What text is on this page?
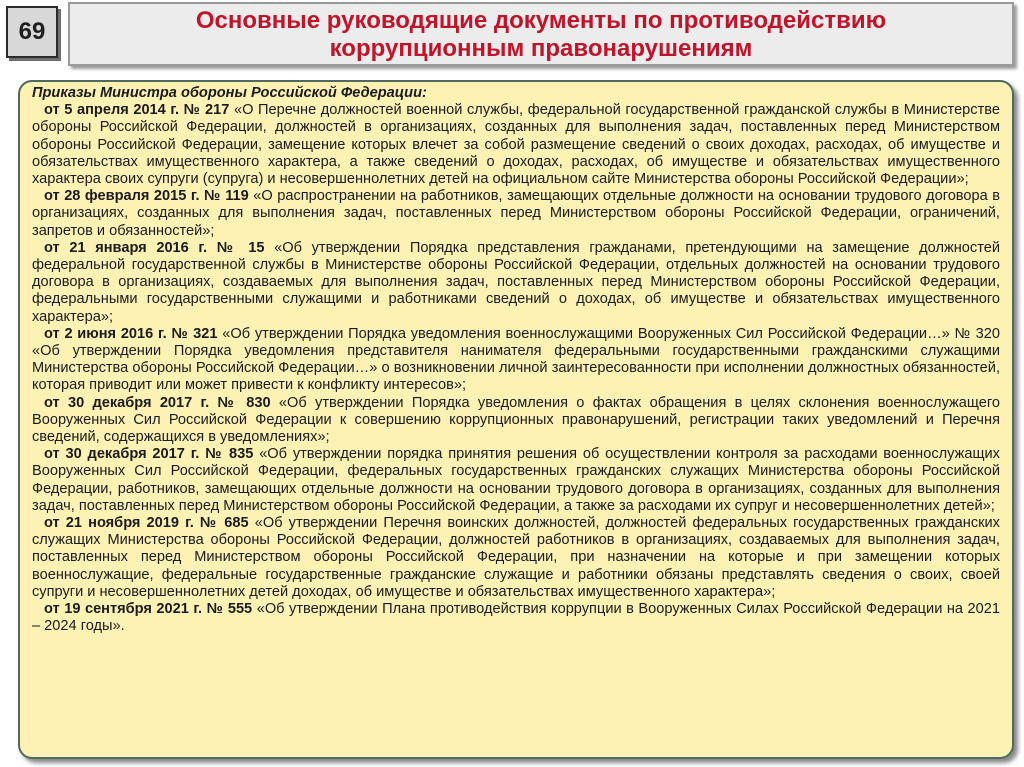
69	Основные руководящие документы по противодействию
коррупционным правонарушениям
Приказы Министра обороны Российской Федерации:

от 5 апреля 2014 г. № 217 «О Перечне должностей военной службы, федеральной государственной гражданской службы в Министерстве обороны Российской Федерации, должностей в организациях, созданных для выполнения задач, поставленных перед Министерством обороны Российской Федерации, замещение которых влечет за собой размещение сведений о своих доходах, расходах, об имуществе и обязательствах имущественного характера, а также сведений о доходах, расходах, об имуществе и обязательствах имущественного характера своих супруги (супруга) и несовершеннолетних детей на официальном сайте Министерства обороны Российской Федерации»;

от 28 февраля 2015 г. № 119 «О распространении на работников, замещающих отдельные должности на основании трудового договора в организациях, созданных для выполнения задач, поставленных перед Министерством обороны Российской Федерации, ограничений, запретов и обязанностей»;

от 21 января 2016 г. № 15 «Об утверждении Порядка представления гражданами, претендующими на замещение должностей федеральной государственной службы в Министерстве обороны Российской Федерации, отдельных должностей на основании трудового договора в организациях, создаваемых для выполнения задач, поставленных перед Министерством обороны Российской Федерации, федеральными государственными служащими и работниками сведений о доходах, об имуществе и обязательствах имущественного характера»;

от 2 июня 2016 г. № 321 «Об утверждении Порядка уведомления военнослужащими Вооруженных Сил Российской Федерации…» № 320 «Об утверждении Порядка уведомления представителя нанимателя федеральными государственными гражданскими служащими Министерства обороны Российской Федерации…» о возникновении личной заинтересованности при исполнении должностных обязанностей, которая приводит или может привести к конфликту интересов»;

от 30 декабря 2017 г. № 830 «Об утверждении Порядка уведомления о фактах обращения в целях склонения военнослужащего Вооруженных Сил Российской Федерации к совершению коррупционных правонарушений, регистрации таких уведомлений и Перечня сведений, содержащихся в уведомлениях»;

от 30 декабря 2017 г. № 835 «Об утверждении порядка принятия решения об осуществлении контроля за расходами военнослужащих Вооруженных Сил Российской Федерации, федеральных государственных гражданских служащих Министерства обороны Российской Федерации, работников, замещающих отдельные должности на основании трудового договора в организациях, созданных для выполнения задач, поставленных перед Министерством обороны Российской Федерации, а также за расходами их супруг и несовершеннолетних детей»;

от 21 ноября 2019 г. № 685 «Об утверждении Перечня воинских должностей, должностей федеральных государственных гражданских служащих Министерства обороны Российской Федерации, должностей работников в организациях, создаваемых для выполнения задач, поставленных перед Министерством обороны Российской Федерации, при назначении на которые и при замещении которых военнослужащие, федеральные государственные гражданские служащие и работники обязаны представлять сведения о своих, своей супруги и несовершеннолетних детей доходах, об имуществе и обязательствах имущественного характера»;

от 19 сентября 2021 г. № 555 «Об утверждении Плана противодействия коррупции в Вооруженных Силах Российской Федерации на 2021 – 2024 годы».
